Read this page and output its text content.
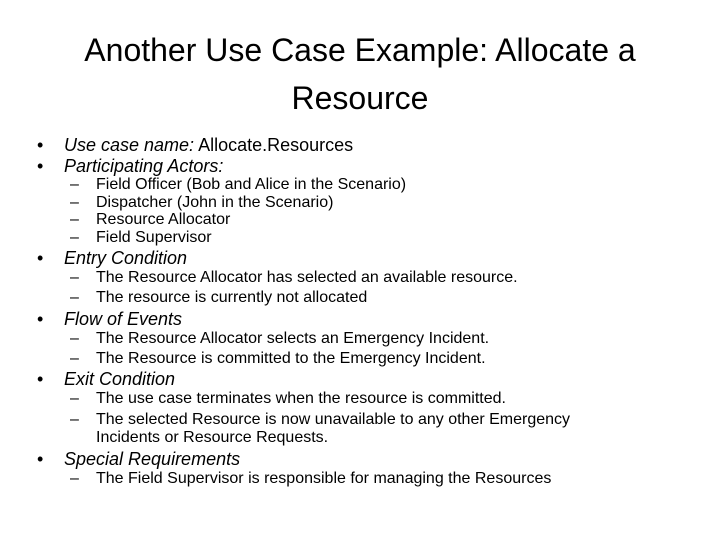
Another Use Case Example: Allocate a
Resource
• Use case name: Allocate.Resources
• Participating Actors:
– Field Officer (Bob and Alice in the Scenario)
– Dispatcher (John in the Scenario)
– Resource Allocator
– Field Supervisor
• Entry Condition
– The Resource Allocator has selected an available resource.
– The resource is currently not allocated
• Flow of Events
– The Resource Allocator selects an Emergency Incident.
– The Resource is committed to the Emergency Incident.
• Exit Condition
– The use case terminates when the resource is committed.
– The selected Resource is now unavailable to any other Emergency
Incidents or Resource Requests.
• Special Requirements
– The Field Supervisor is responsible for managing the Resources
